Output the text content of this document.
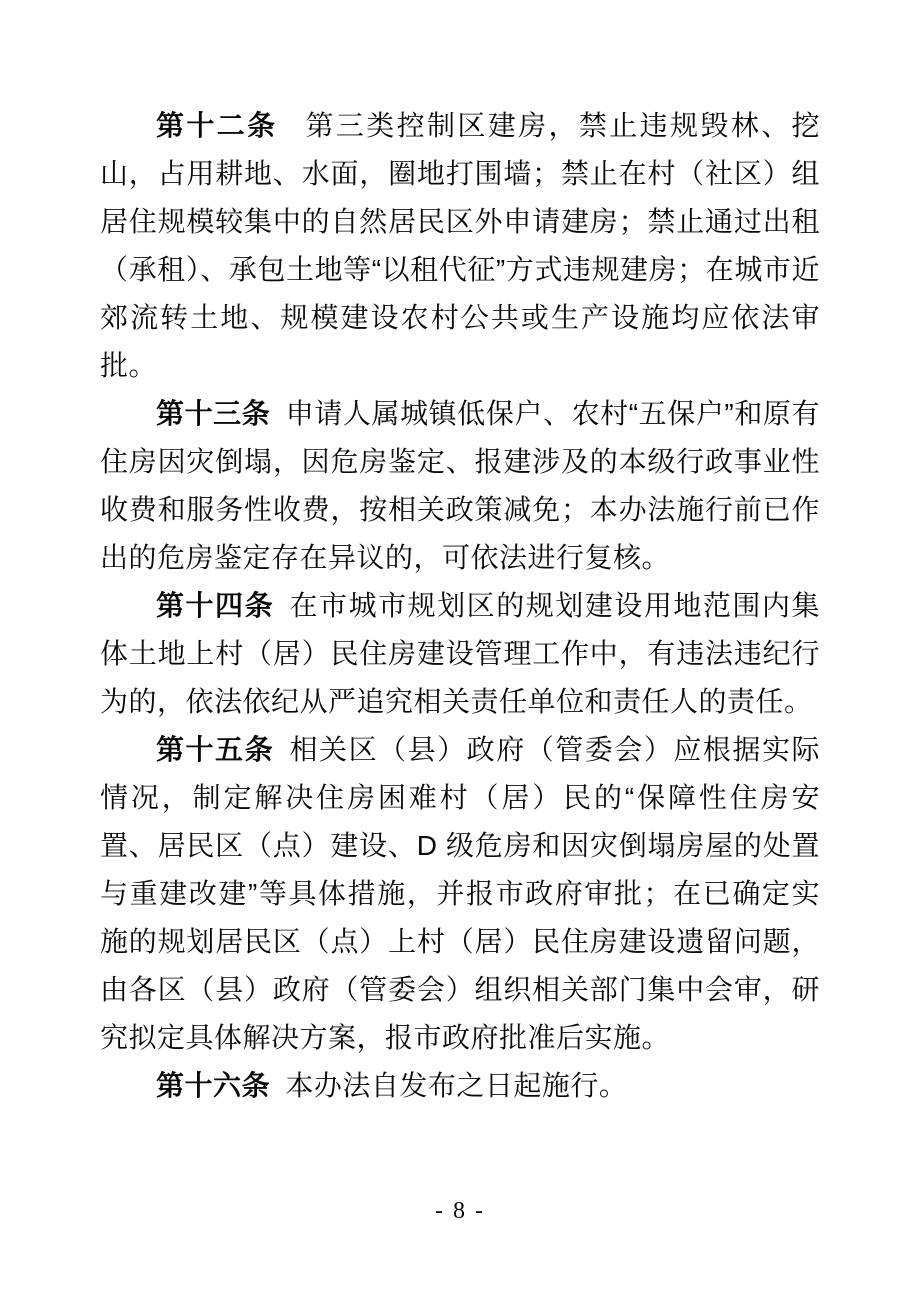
第十二条 第三类控制区建房，禁止违规毁林、挖山，占用耕地、水面，圈地打围墙；禁止在村（社区）组居住规模较集中的自然居民区外申请建房；禁止通过出租（承租）、承包土地等“以租代征”方式违规建房；在城市近郊流转土地、规模建设农村公共或生产设施均应依法审批。

第十三条 申请人属城镇低保户、农村“五保户”和原有住房因灾倒塌，因危房鉴定、报建涉及的本级行政事业性收费和服务性收费，按相关政策减免；本办法施行前已作出的危房鉴定存在异议的，可依法进行复核。

第十四条 在市城市规划区的规划建设用地范围内集体土地上村（居）民住房建设管理工作中，有违法违纪行为的，依法依纪从严追究相关责任单位和责任人的责任。

第十五条 相关区（县）政府（管委会）应根据实际情况，制定解决住房困难村（居）民的“保障性住房安置、居民区（点）建设、D 级危房和因灾倒塌房屋的处置与重建改建”等具体措施，并报市政府审批；在已确定实施的规划居民区（点）上村（居）民住房建设遗留问题，由各区（县）政府（管委会）组织相关部门集中会审，研究拟定具体解决方案，报市政府批准后实施。

第十六条 本办法自发布之日起施行。

- 8 -
